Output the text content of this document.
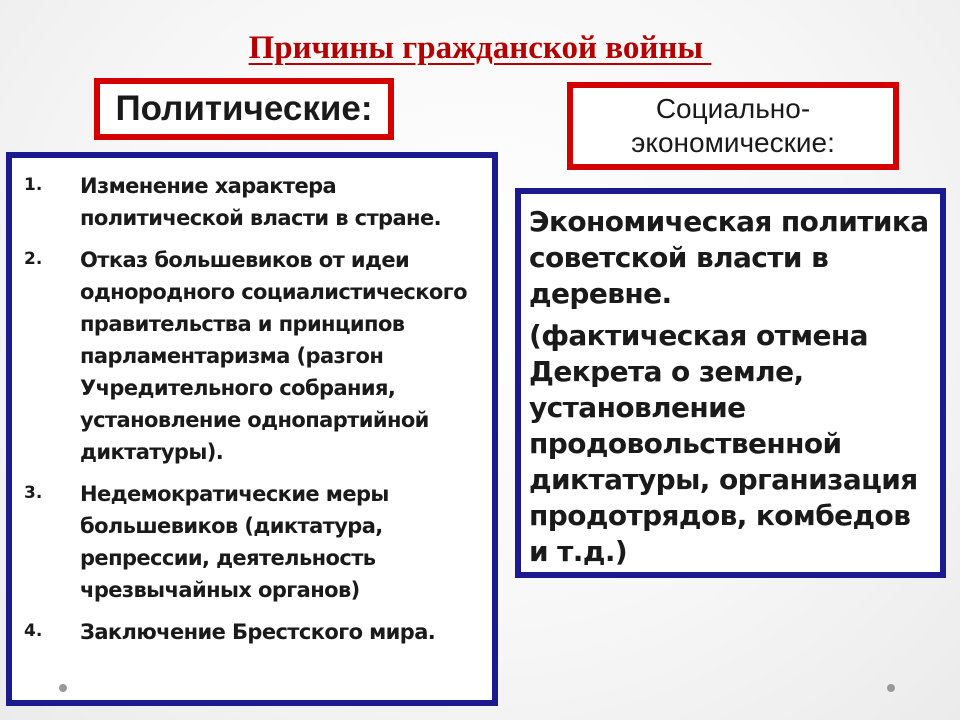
Причины гражданской войны
Политические:	Социально-экономические:
1.	Изменение характера политической власти в стране.
2.	Отказ большевиков от идеи однородного социалистического правительства и принципов парламентаризма (разгон Учредительного собрания, установление однопартийной диктатуры).
3.	Недемократические меры большевиков (диктатура, репрессии, деятельность чрезвычайных органов)
4.	Заключение Брестского мира.

Экономическая политика советской власти в деревне.

(фактическая отмена Декрета о земле, установление продовольственной диктатуры, организация продотрядов, комбедов и т.д.)
